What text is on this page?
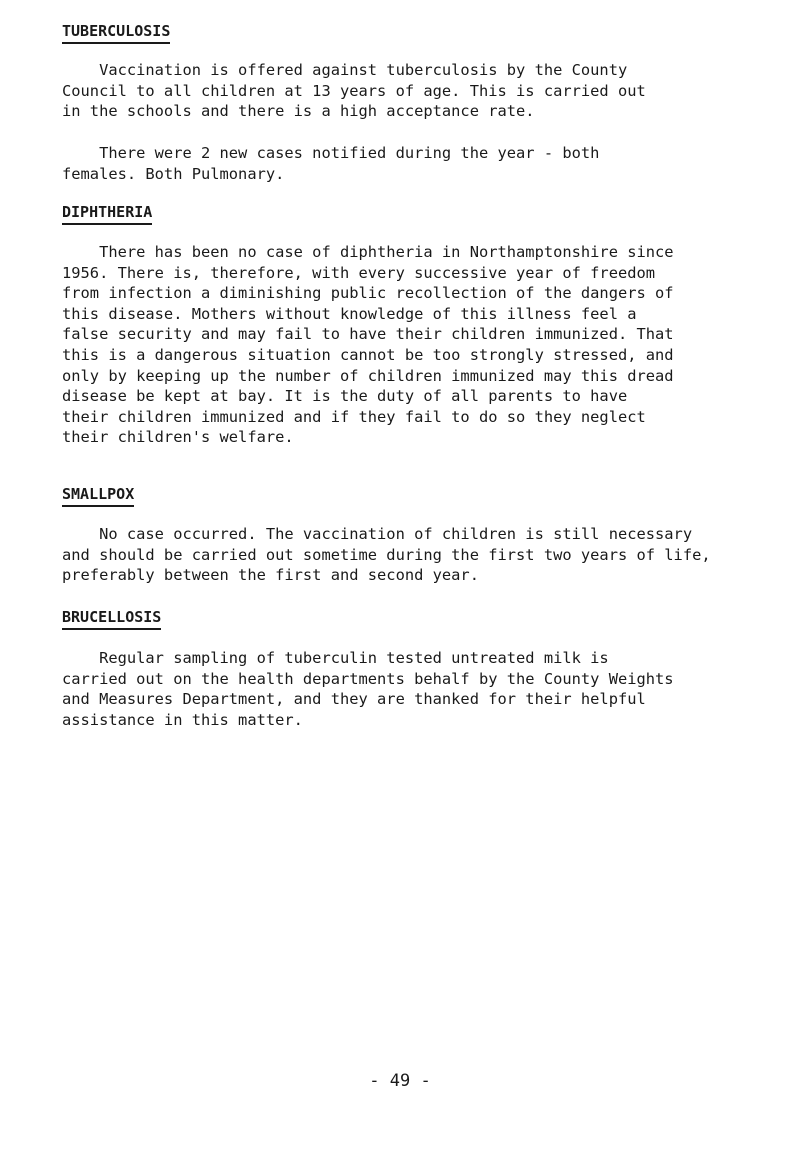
TUBERCULOSIS

Vaccination is offered against tuberculosis by the County
Council to all children at 13 years of age. This is carried out
in the schools and there is a high acceptance rate.

There were 2 new cases notified during the year - both
females. Both Pulmonary.

DIPHTHERIA

There has been no case of diphtheria in Northamptonshire since
1956. There is, therefore, with every successive year of freedom
from infection a diminishing public recollection of the dangers of
this disease. Mothers without knowledge of this illness feel a
false security and may fail to have their children immunized. That
this is a dangerous situation cannot be too strongly stressed, and
only by keeping up the number of children immunized may this dread
disease be kept at bay. It is the duty of all parents to have
their children immunized and if they fail to do so they neglect
their children's welfare.

SMALLPOX

No case occurred. The vaccination of children is still necessary
and should be carried out sometime during the first two years of life,
preferably between the first and second year.

BRUCELLOSIS

Regular sampling of tuberculin tested untreated milk is
carried out on the health departments behalf by the County Weights
and Measures Department, and they are thanked for their helpful
assistance in this matter.

- 49 -
